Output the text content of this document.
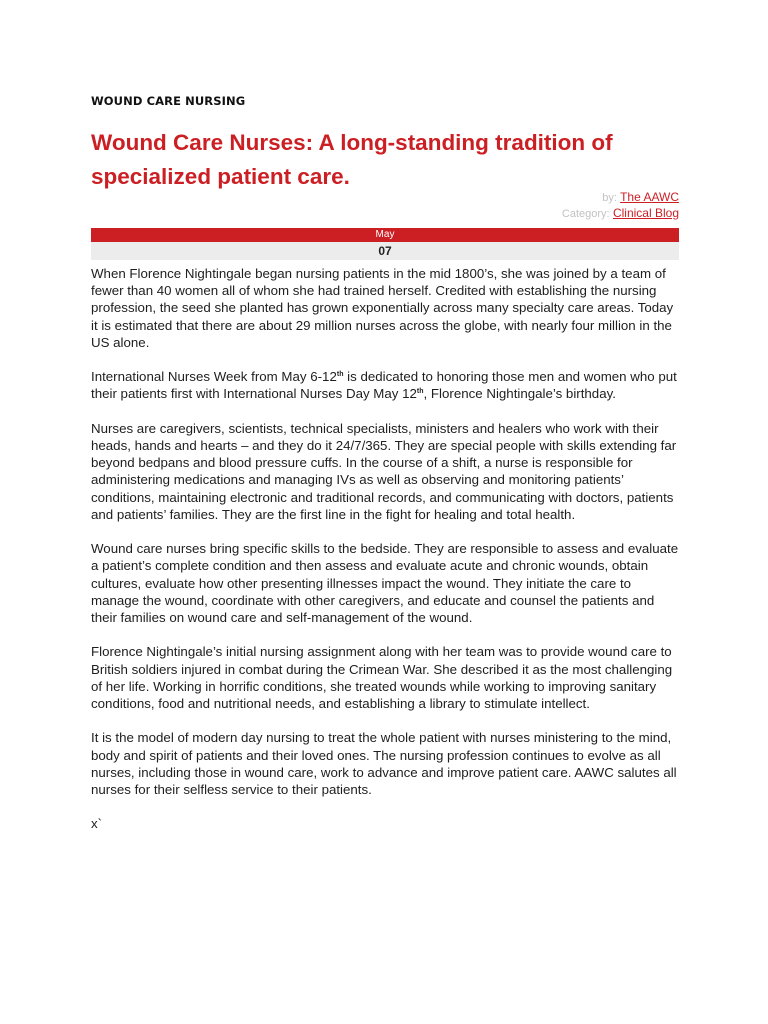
WOUND CARE NURSING
Wound Care Nurses: A long-standing tradition of specialized patient care.
by: The AAWC
Category: Clinical Blog
May
07

When Florence Nightingale began nursing patients in the mid 1800’s, she was joined by a team of fewer than 40 women all of whom she had trained herself. Credited with establishing the nursing profession, the seed she planted has grown exponentially across many specialty care areas. Today it is estimated that there are about 29 million nurses across the globe, with nearly four million in the US alone.

International Nurses Week from May 6-12th is dedicated to honoring those men and women who put their patients first with International Nurses Day May 12th, Florence Nightingale’s birthday.

Nurses are caregivers, scientists, technical specialists, ministers and healers who work with their heads, hands and hearts – and they do it 24/7/365. They are special people with skills extending far beyond bedpans and blood pressure cuffs. In the course of a shift, a nurse is responsible for administering medications and managing IVs as well as observing and monitoring patients’ conditions, maintaining electronic and traditional records, and communicating with doctors, patients and patients’ families. They are the first line in the fight for healing and total health.

Wound care nurses bring specific skills to the bedside. They are responsible to assess and evaluate a patient’s complete condition and then assess and evaluate acute and chronic wounds, obtain cultures, evaluate how other presenting illnesses impact the wound. They initiate the care to manage the wound, coordinate with other caregivers, and educate and counsel the patients and their families on wound care and self-management of the wound.

Florence Nightingale’s initial nursing assignment along with her team was to provide wound care to British soldiers injured in combat during the Crimean War. She described it as the most challenging of her life. Working in horrific conditions, she treated wounds while working to improving sanitary conditions, food and nutritional needs, and establishing a library to stimulate intellect.

It is the model of modern day nursing to treat the whole patient with nurses ministering to the mind, body and spirit of patients and their loved ones. The nursing profession continues to evolve as all nurses, including those in wound care, work to advance and improve patient care. AAWC salutes all nurses for their selfless service to their patients.

x`
